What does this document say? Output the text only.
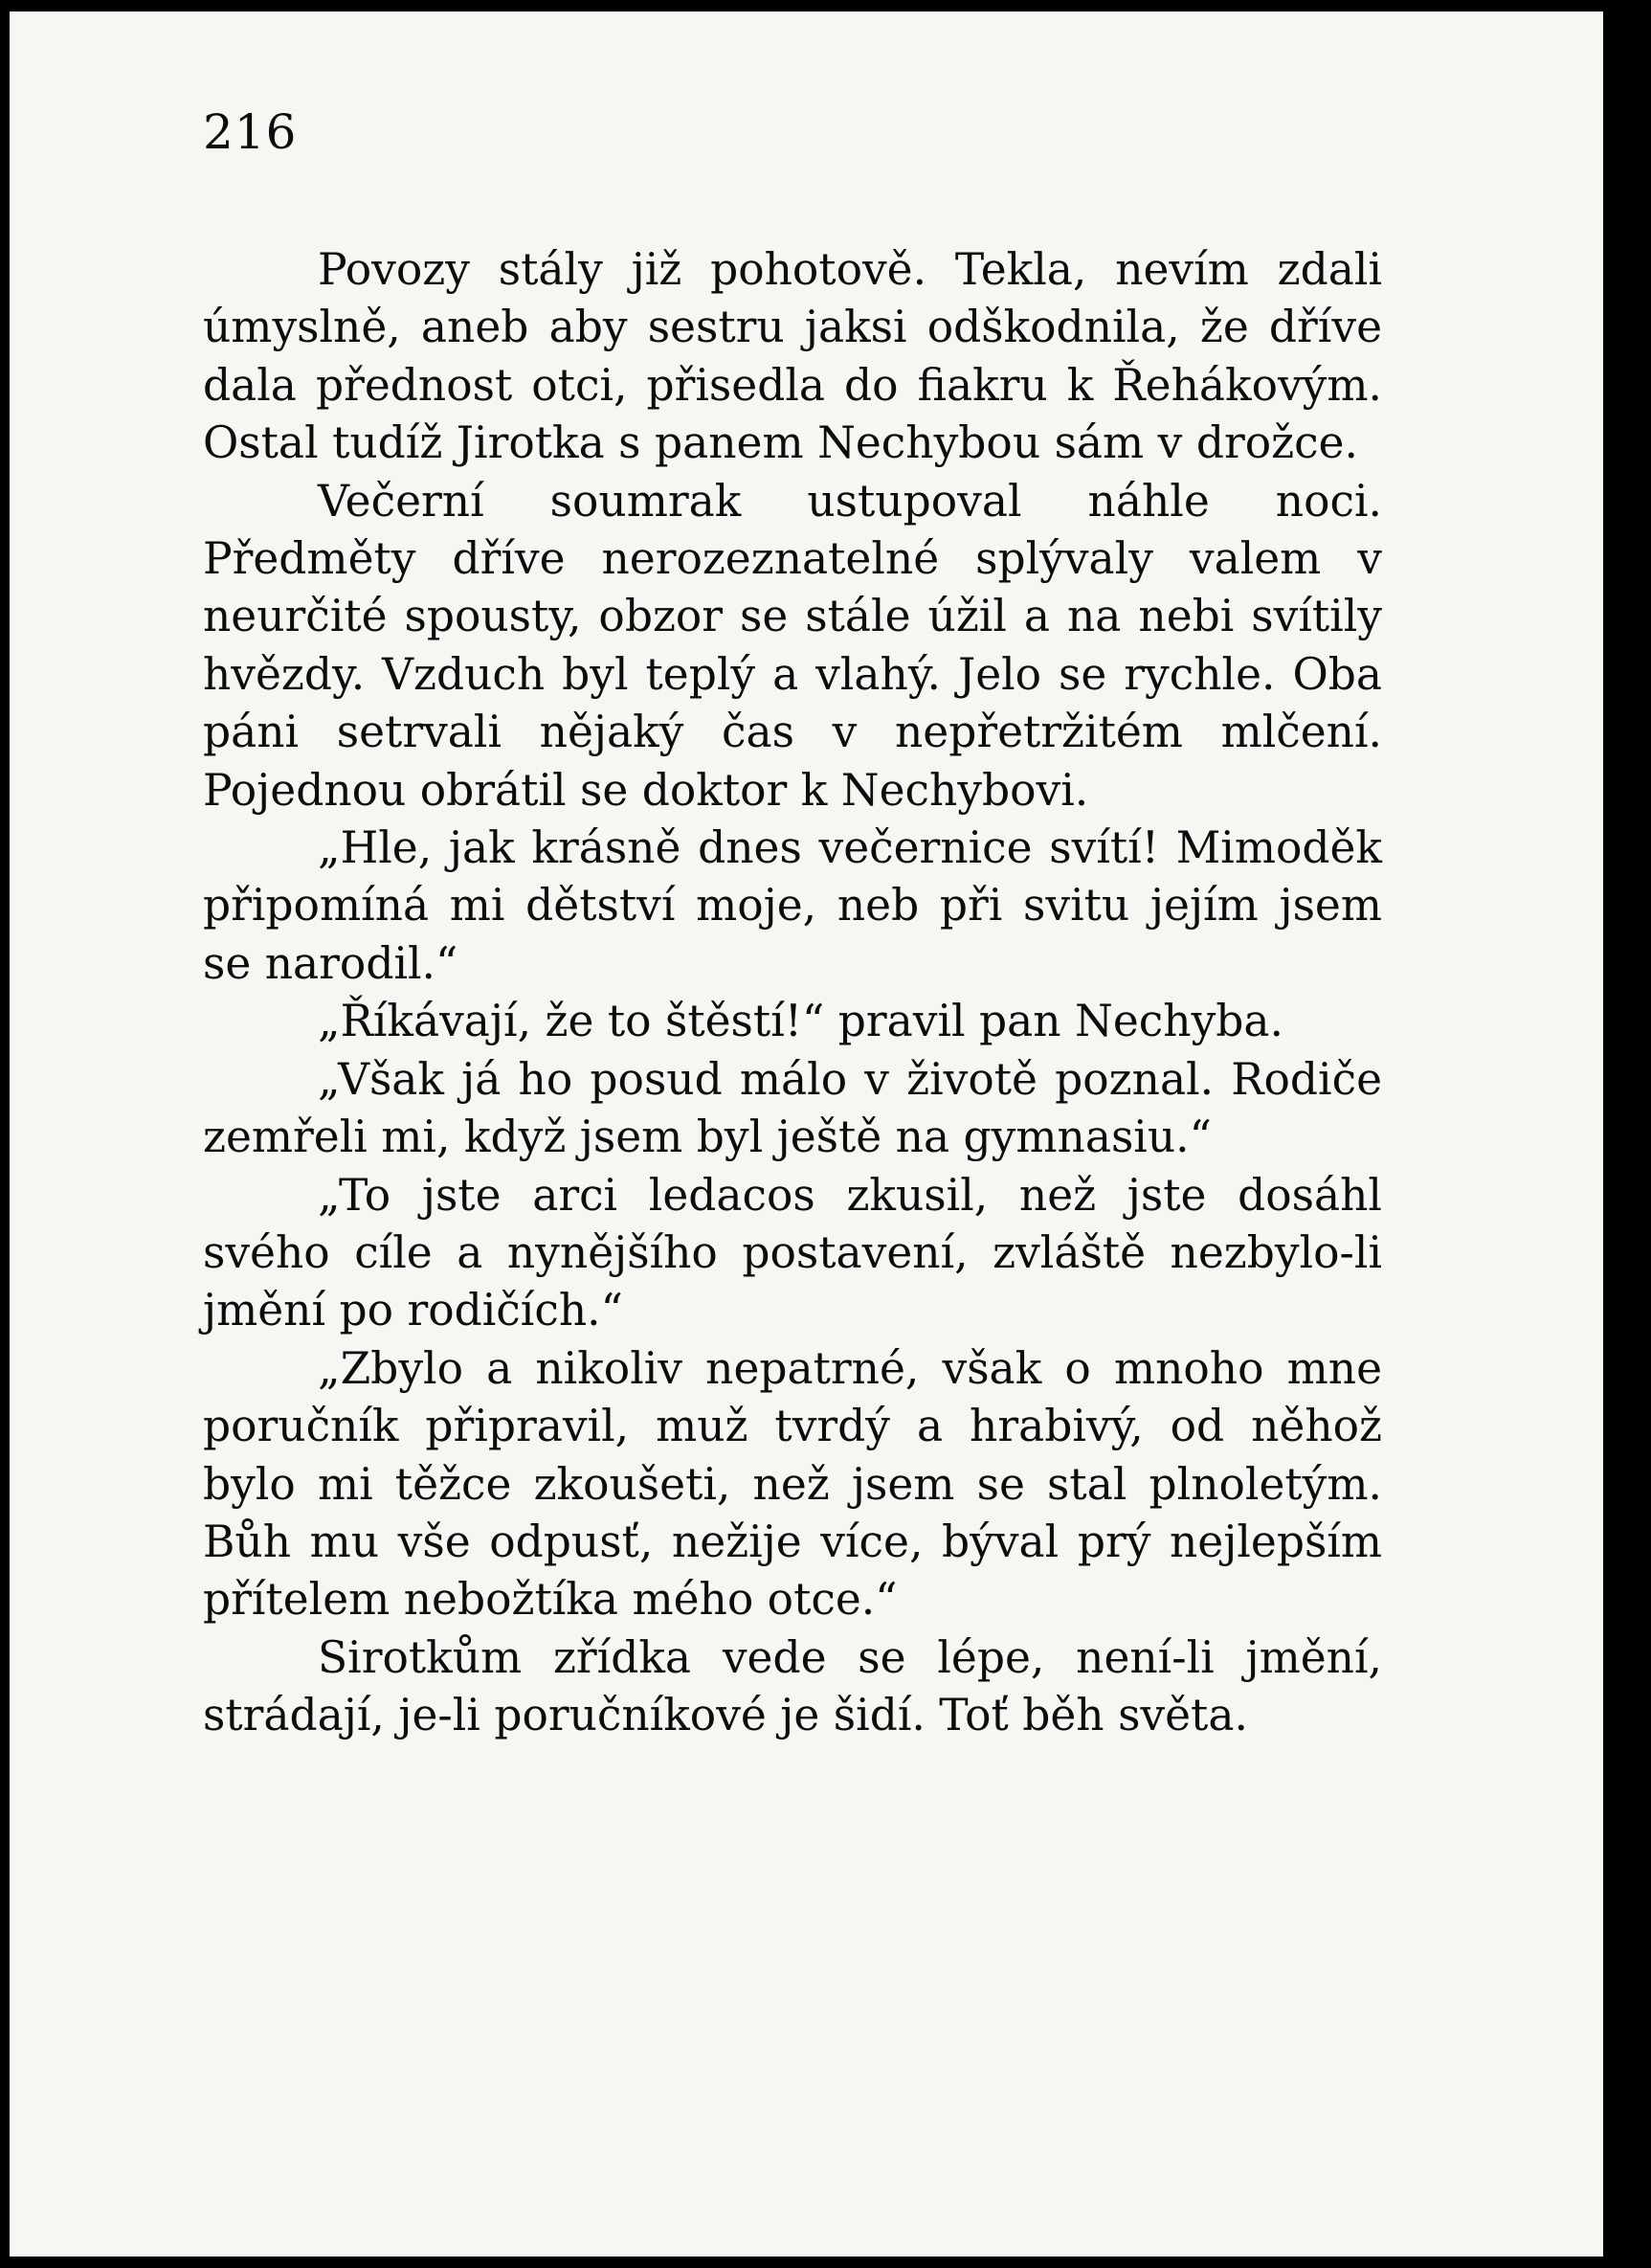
216

Povozy stály již pohotově. Tekla, nevím zdali úmyslně, aneb aby sestru jaksi odškodnila, že dříve dala přednost otci, přisedla do fiakru k Řehákovým. Ostal tudíž Jirotka s panem Nechybou sám v drožce.

Večerní soumrak ustupoval náhle noci. Předměty dříve nerozeznatelné splývaly valem v neurčité spousty, obzor se stále úžil a na nebi svítily hvězdy. Vzduch byl teplý a vlahý. Jelo se rychle. Oba páni setrvali nějaký čas v nepřetržitém mlčení. Pojednou obrátil se doktor k Nechybovi.

„Hle, jak krásně dnes večernice svítí! Mimoděk připomíná mi dětství moje, neb při svitu jejím jsem se narodil.“

„Říkávají, že to štěstí!“ pravil pan Nechyba.

„Však já ho posud málo v životě poznal. Rodiče zemřeli mi, když jsem byl ještě na gymnasiu.“

„To jste arci ledacos zkusil, než jste dosáhl svého cíle a nynějšího postavení, zvláště nezbylo-li jmění po rodičích.“

„Zbylo a nikoliv nepatrné, však o mnoho mne poručník připravil, muž tvrdý a hrabivý, od něhož bylo mi těžce zkoušeti, než jsem se stal plnoletým. Bůh mu vše odpusť, nežije více, býval prý nejlepším přítelem nebožtíka mého otce.“

Sirotkům zřídka vede se lépe, není-li jmění, strádají, je-li poručníkové je šidí. Toť běh světa.
